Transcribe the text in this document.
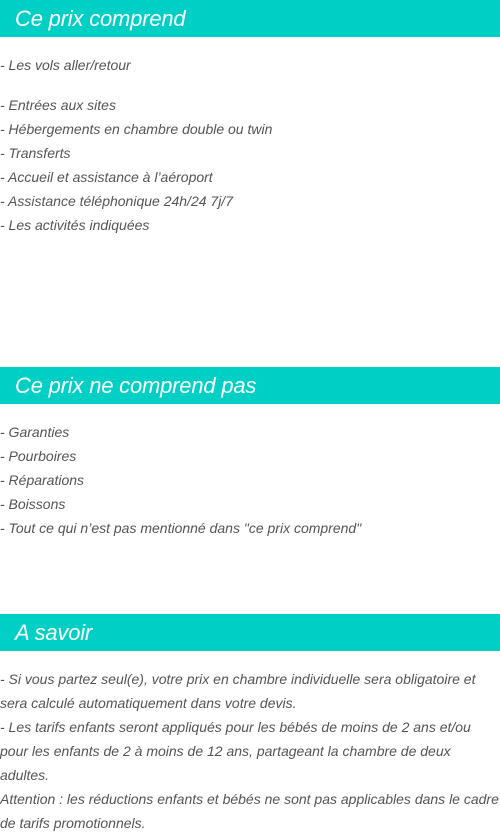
Ce prix comprend
- Les vols aller/retour
- Entrées aux sites
- Hébergements en chambre double ou twin
- Transferts
- Accueil et assistance à l’aéroport
- Assistance téléphonique 24h/24 7j/7
- Les activités indiquées
Ce prix ne comprend pas
- Garanties
- Pourboires
- Réparations
- Boissons
- Tout ce qui n’est pas mentionné dans "ce prix comprend"
A savoir
- Si vous partez seul(e), votre prix en chambre individuelle sera obligatoire et sera calculé automatiquement dans votre devis.
- Les tarifs enfants seront appliqués pour les bébés de moins de 2 ans et/ou pour les enfants de 2 à moins de 12 ans, partageant la chambre de deux adultes.
Attention : les réductions enfants et bébés ne sont pas applicables dans le cadre de tarifs promotionnels.
